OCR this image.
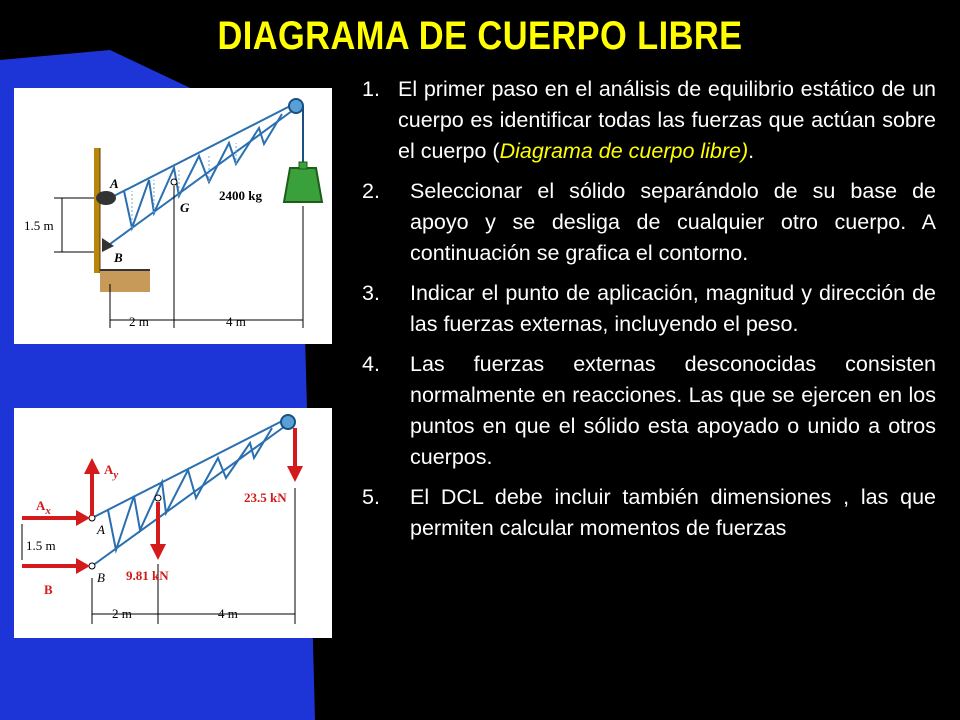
DIAGRAMA DE CUERPO LIBRE
A
B
G
2400 kg
1.5 m
2 m	4 m
$A_y$
$A_x$
A
B
B
1.5 m
9.81 kN
23.5 kN
2 m	4 m
1. El primer paso en el análisis de equilibrio estático de un cuerpo es identificar todas las fuerzas que actúan sobre el cuerpo (Diagrama de cuerpo libre).
2. Seleccionar el sólido separándolo de su base de apoyo y se desliga de cualquier otro cuerpo. A continuación se grafica el contorno.
3. Indicar el punto de aplicación, magnitud y dirección de las fuerzas externas, incluyendo el peso.
4. Las fuerzas externas desconocidas consisten normalmente en reacciones. Las que se ejercen en los puntos en que el sólido esta apoyado o unido a otros cuerpos.
5. El DCL debe incluir también dimensiones , las que permiten calcular momentos de fuerzas
